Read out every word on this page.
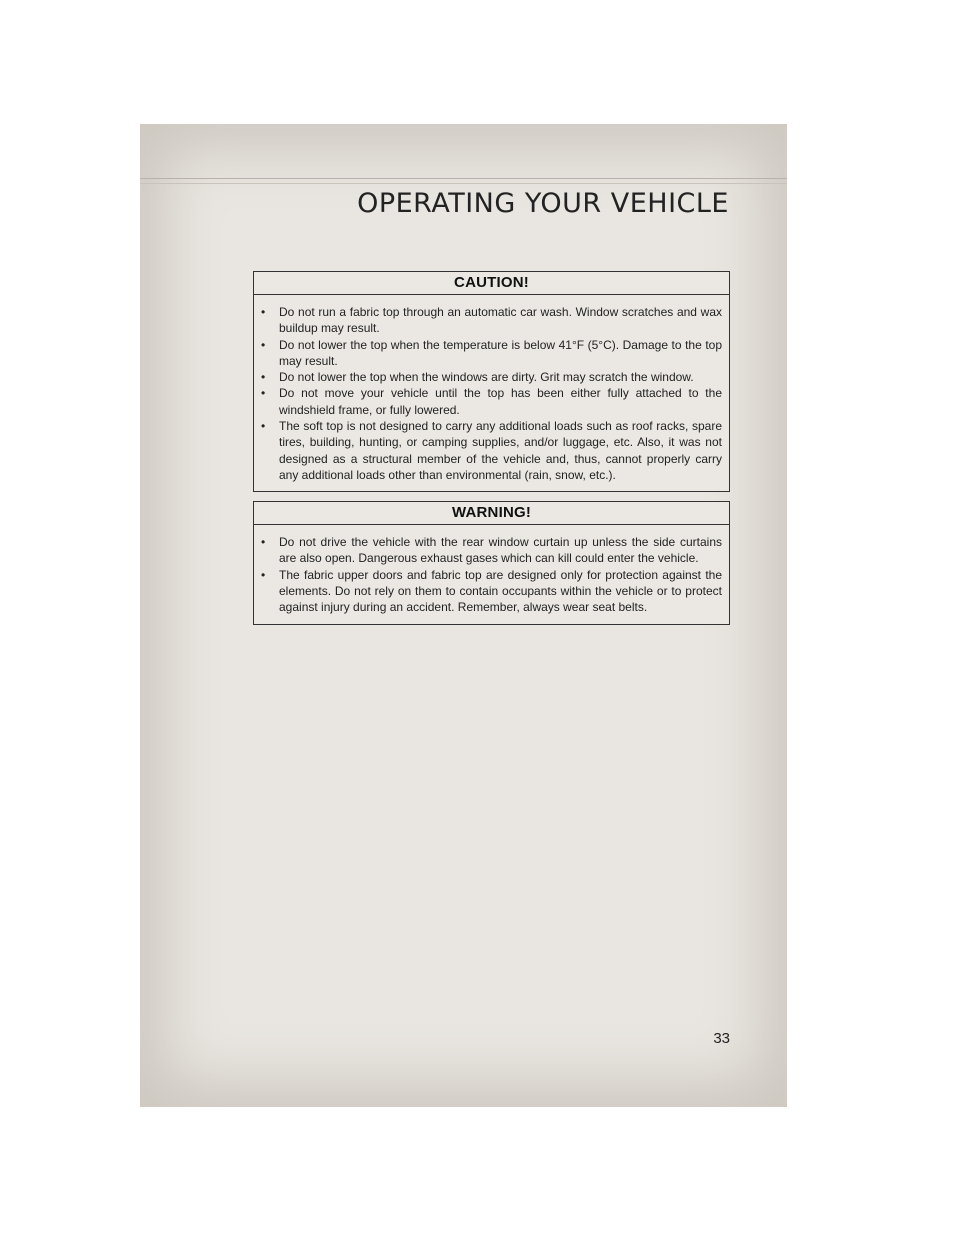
OPERATING YOUR VEHICLE
CAUTION!
• Do not run a fabric top through an automatic car wash. Window scratches and wax buildup may result.
• Do not lower the top when the temperature is below 41°F (5°C). Damage to the top may result.
• Do not lower the top when the windows are dirty. Grit may scratch the window.
• Do not move your vehicle until the top has been either fully attached to the windshield frame, or fully lowered.
• The soft top is not designed to carry any additional loads such as roof racks, spare tires, building, hunting, or camping supplies, and/or luggage, etc. Also, it was not designed as a structural member of the vehicle and, thus, cannot properly carry any additional loads other than environmental (rain, snow, etc.).
WARNING!
• Do not drive the vehicle with the rear window curtain up unless the side curtains are also open. Dangerous exhaust gases which can kill could enter the vehicle.
• The fabric upper doors and fabric top are designed only for protection against the elements. Do not rely on them to contain occupants within the vehicle or to protect against injury during an accident. Remember, always wear seat belts.
33
